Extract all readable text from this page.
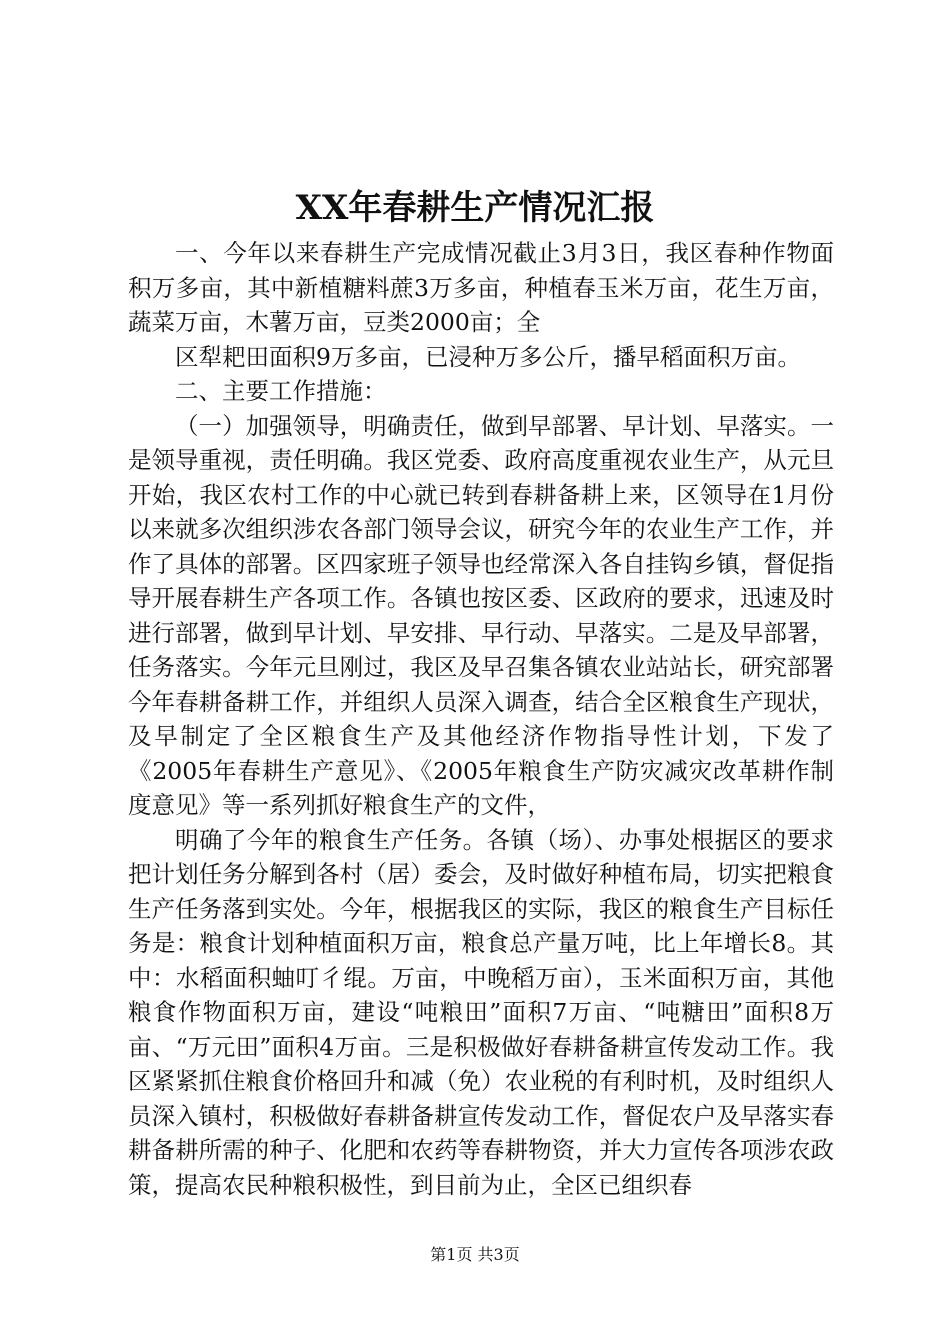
XX年春耕生产情况汇报

一、今年以来春耕生产完成情况截止3月3日，我区春种作物面积万多亩，其中新植糖料蔗3万多亩，种植春玉米万亩，花生万亩，蔬菜万亩，木薯万亩，豆类2000亩；全

区犁耙田面积9万多亩，已浸种万多公斤，播早稻面积万亩。

二、主要工作措施：

（一）加强领导，明确责任，做到早部署、早计划、早落实。一是领导重视，责任明确。我区党委、政府高度重视农业生产，从元旦开始，我区农村工作的中心就已转到春耕备耕上来，区领导在1月份以来就多次组织涉农各部门领导会议，研究今年的农业生产工作，并作了具体的部署。区四家班子领导也经常深入各自挂钩乡镇，督促指导开展春耕生产各项工作。各镇也按区委、区政府的要求，迅速及时进行部署，做到早计划、早安排、早行动、早落实。二是及早部署，任务落实。今年元旦刚过，我区及早召集各镇农业站站长，研究部署今年春耕备耕工作，并组织人员深入调查，结合全区粮食生产现状，及早制定了全区粮食生产及其他经济作物指导性计划，下发了《2005年春耕生产意见》、《2005年粮食生产防灾减灾改革耕作制度意见》等一系列抓好粮食生产的文件，

明确了今年的粮食生产任务。各镇（场）、办事处根据区的要求把计划任务分解到各村（居）委会，及时做好种植布局，切实把粮食生产任务落到实处。今年，根据我区的实际，我区的粮食生产目标任务是：粮食计划种植面积万亩，粮食总产量万吨，比上年增长8。其中：水稻面积蚰叮彳绲。万亩，中晚稻万亩），玉米面积万亩，其他粮食作物面积万亩，建设“吨粮田”面积7万亩、“吨糖田”面积8万亩、“万元田”面积4万亩。三是积极做好春耕备耕宣传发动工作。我区紧紧抓住粮食价格回升和减（免）农业税的有利时机，及时组织人员深入镇村，积极做好春耕备耕宣传发动工作，督促农户及早落实春耕备耕所需的种子、化肥和农药等春耕物资，并大力宣传各项涉农政策，提高农民种粮积极性，到目前为止，全区已组织春

第1页 共3页
